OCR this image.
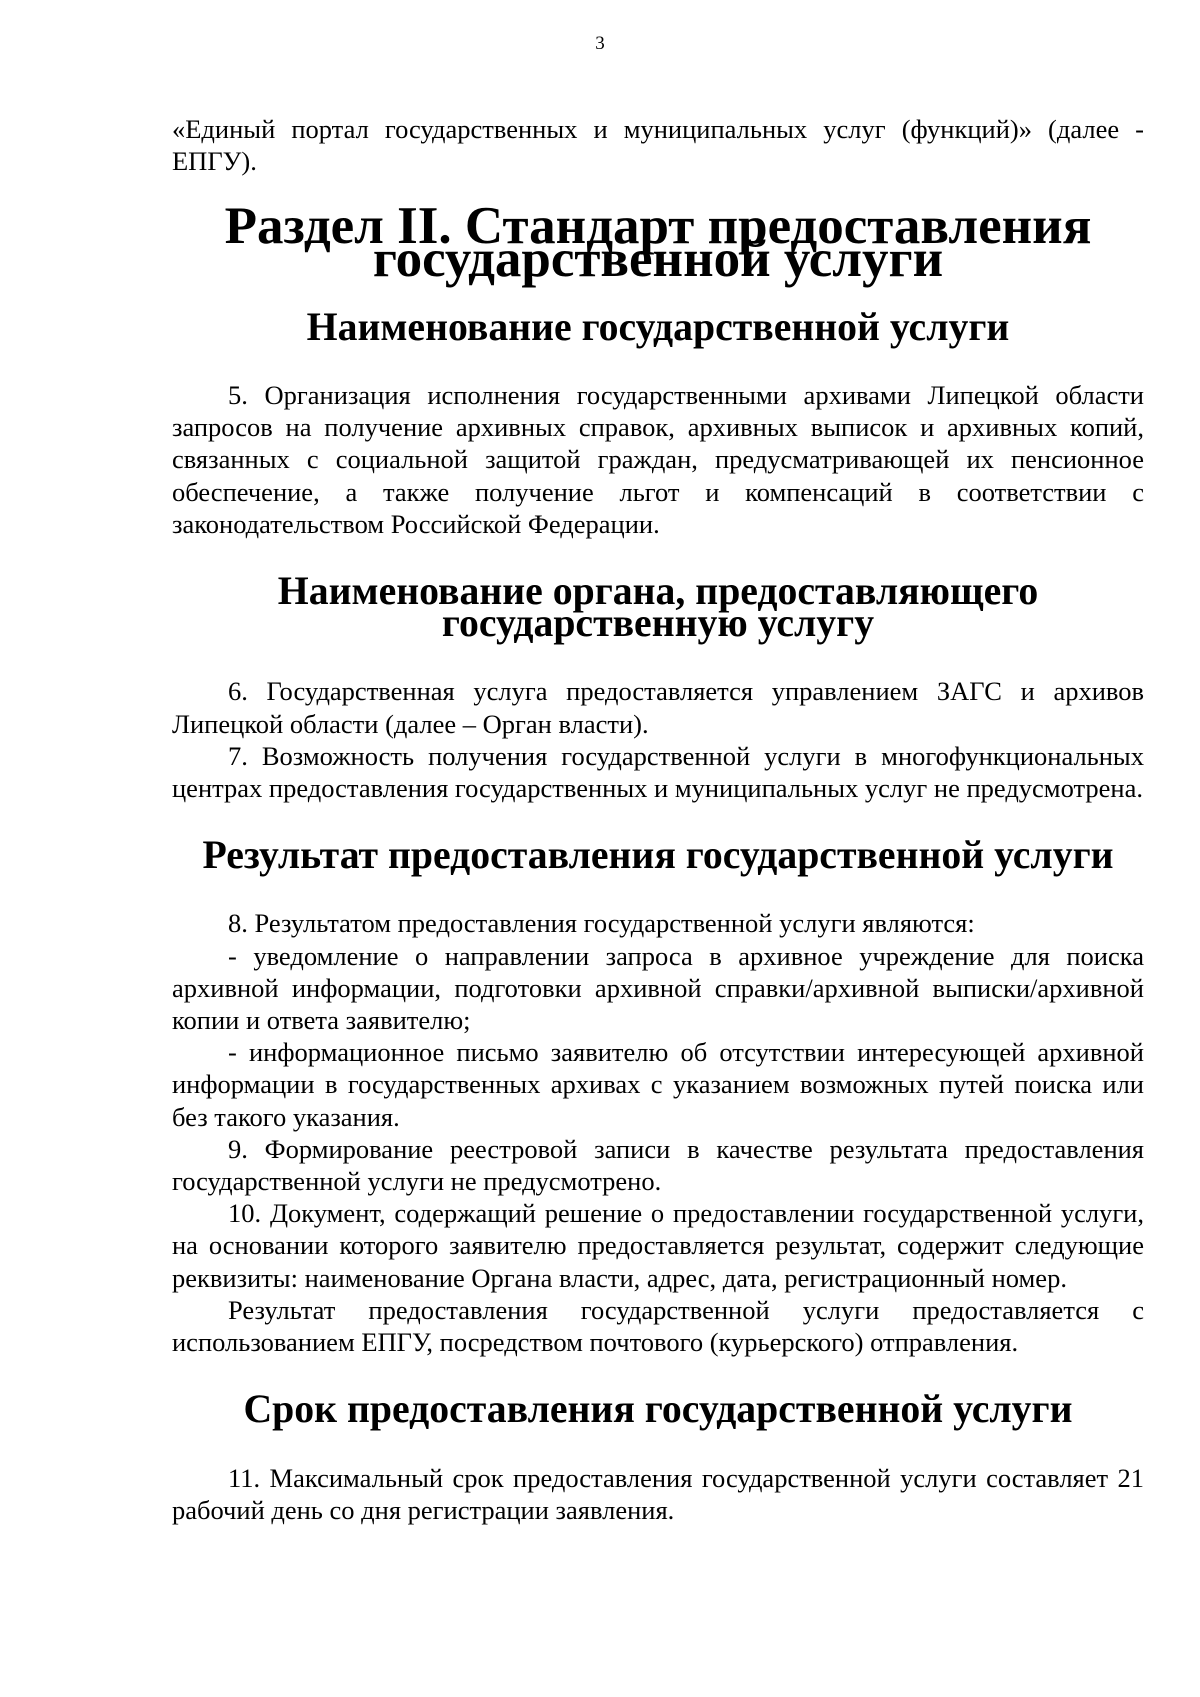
3

«Единый портал государственных и муниципальных услуг (функций)» (далее - ЕПГУ).

Раздел II. Стандарт предоставления государственной услуги
Наименование государственной услуги

5. Организация исполнения государственными архивами Липецкой области запросов на получение архивных справок, архивных выписок и архивных копий, связанных с социальной защитой граждан, предусматривающей их пенсионное обеспечение, а также получение льгот и компенсаций в соответствии с законодательством Российской Федерации.

Наименование органа, предоставляющего государственную услугу

6. Государственная услуга предоставляется управлением ЗАГС и архивов Липецкой области (далее – Орган власти).

7. Возможность получения государственной услуги в многофункциональных центрах предоставления государственных и муниципальных услуг не предусмотрена.

Результат предоставления государственной услуги

8. Результатом предоставления государственной услуги являются:

- уведомление о направлении запроса в архивное учреждение для поиска архивной информации, подготовки архивной справки/архивной выписки/архивной копии и ответа заявителю;

- информационное письмо заявителю об отсутствии интересующей архивной информации в государственных архивах с указанием возможных путей поиска или без такого указания.

9. Формирование реестровой записи в качестве результата предоставления государственной услуги не предусмотрено.

10. Документ, содержащий решение о предоставлении государственной услуги, на основании которого заявителю предоставляется результат, содержит следующие реквизиты: наименование Органа власти, адрес, дата, регистрационный номер.

Результат предоставления государственной услуги предоставляется с использованием ЕПГУ, посредством почтового (курьерского) отправления.

Срок предоставления государственной услуги

11. Максимальный срок предоставления государственной услуги составляет 21 рабочий день со дня регистрации заявления.
